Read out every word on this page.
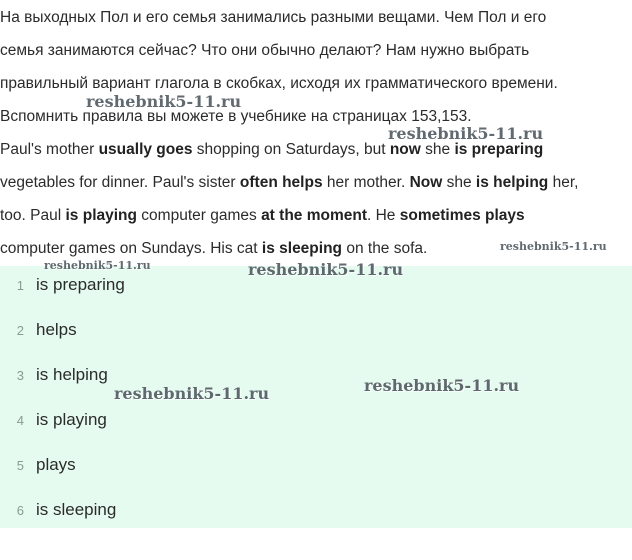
На выходных Пол и его семья занимались разными вещами. Чем Пол и его

семья занимаются сейчас? Что они обычно делают? Нам нужно выбрать

правильный вариант глагола в скобках, исходя их грамматического времени.

Вспомнить правила вы можете в учебнике на страницах 153,153.

Paul's mother usually goes shopping on Saturdays, but now she is preparing

vegetables for dinner. Paul's sister often helps her mother. Now she is helping her,

too. Paul is playing computer games at the moment. He sometimes plays

computer games on Sundays. His cat is sleeping on the sofa.

1 is preparing
2 helps
3 is helping
4 is playing
5 plays
6 is sleeping
reshebnik5-11.ru
reshebnik5-11.ru
reshebnik5-11.ru
reshebnik5-11.ru	reshebnik5-11.ru
reshebnik5-11.ru	reshebnik5-11.ru
